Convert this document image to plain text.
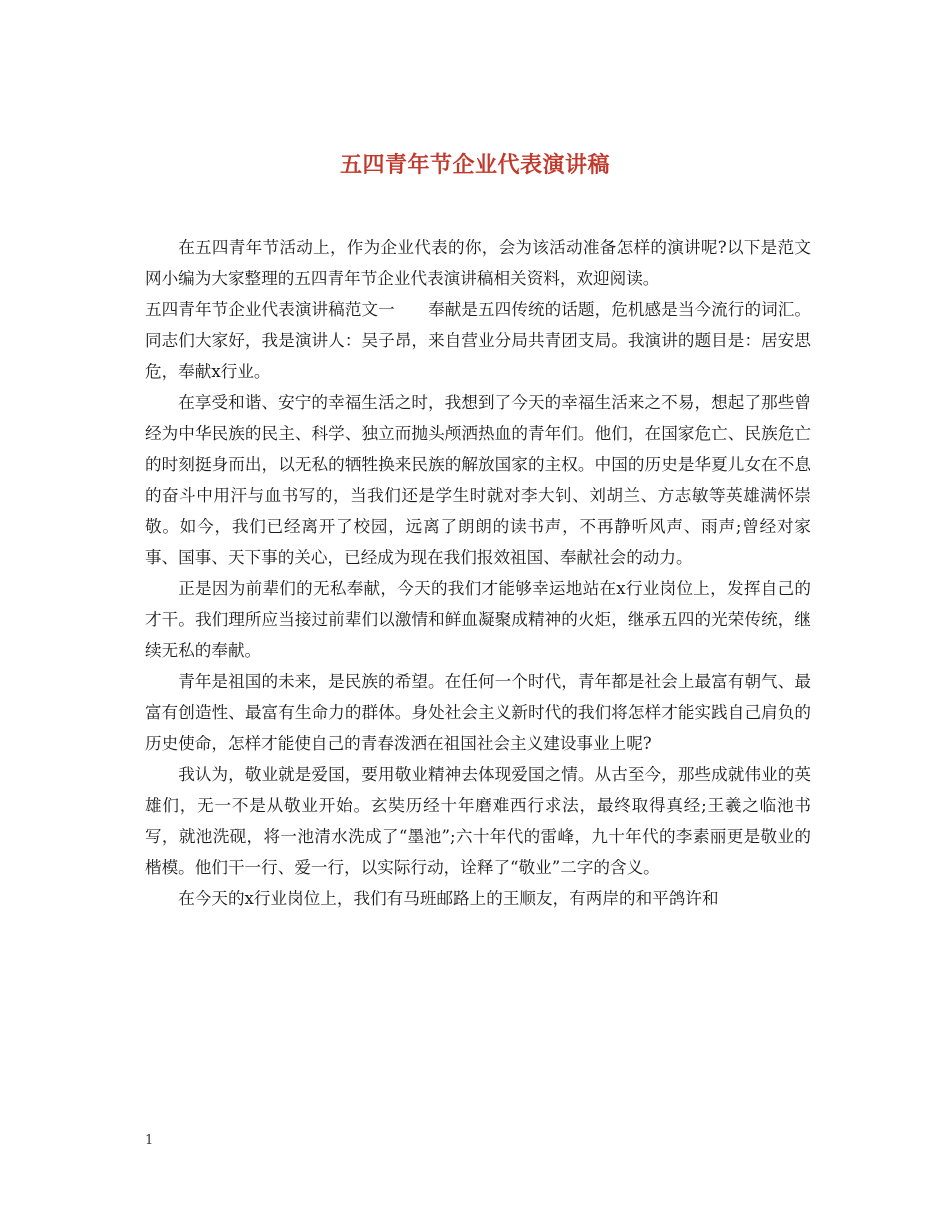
五四青年节企业代表演讲稿

在五四青年节活动上，作为企业代表的你，会为该活动准备怎样的演讲呢?以下是范文网小编为大家整理的五四青年节企业代表演讲稿相关资料，欢迎阅读。

五四青年节企业代表演讲稿范文一　　奉献是五四传统的话题，危机感是当今流行的词汇。同志们大家好，我是演讲人：吴子昂，来自营业分局共青团支局。我演讲的题目是：居安思危，奉献x行业。

在享受和谐、安宁的幸福生活之时，我想到了今天的幸福生活来之不易，想起了那些曾经为中华民族的民主、科学、独立而抛头颅洒热血的青年们。他们，在国家危亡、民族危亡的时刻挺身而出，以无私的牺牲换来民族的解放国家的主权。中国的历史是华夏儿女在不息的奋斗中用汗与血书写的，当我们还是学生时就对李大钊、刘胡兰、方志敏等英雄满怀崇敬。如今，我们已经离开了校园，远离了朗朗的读书声，不再静听风声、雨声;曾经对家事、国事、天下事的关心，已经成为现在我们报效祖国、奉献社会的动力。

正是因为前辈们的无私奉献，今天的我们才能够幸运地站在x行业岗位上，发挥自己的才干。我们理所应当接过前辈们以激情和鲜血凝聚成精神的火炬，继承五四的光荣传统，继续无私的奉献。

青年是祖国的未来，是民族的希望。在任何一个时代，青年都是社会上最富有朝气、最富有创造性、最富有生命力的群体。身处社会主义新时代的我们将怎样才能实践自己肩负的历史使命，怎样才能使自己的青春泼洒在祖国社会主义建设事业上呢?

我认为，敬业就是爱国，要用敬业精神去体现爱国之情。从古至今，那些成就伟业的英雄们，无一不是从敬业开始。玄奘历经十年磨难西行求法，最终取得真经;王羲之临池书写，就池洗砚，将一池清水洗成了“墨池”;六十年代的雷峰，九十年代的李素丽更是敬业的楷模。他们干一行、爱一行，以实际行动，诠释了“敬业”二字的含义。

在今天的x行业岗位上，我们有马班邮路上的王顺友，有两岸的和平鸽许和

1
